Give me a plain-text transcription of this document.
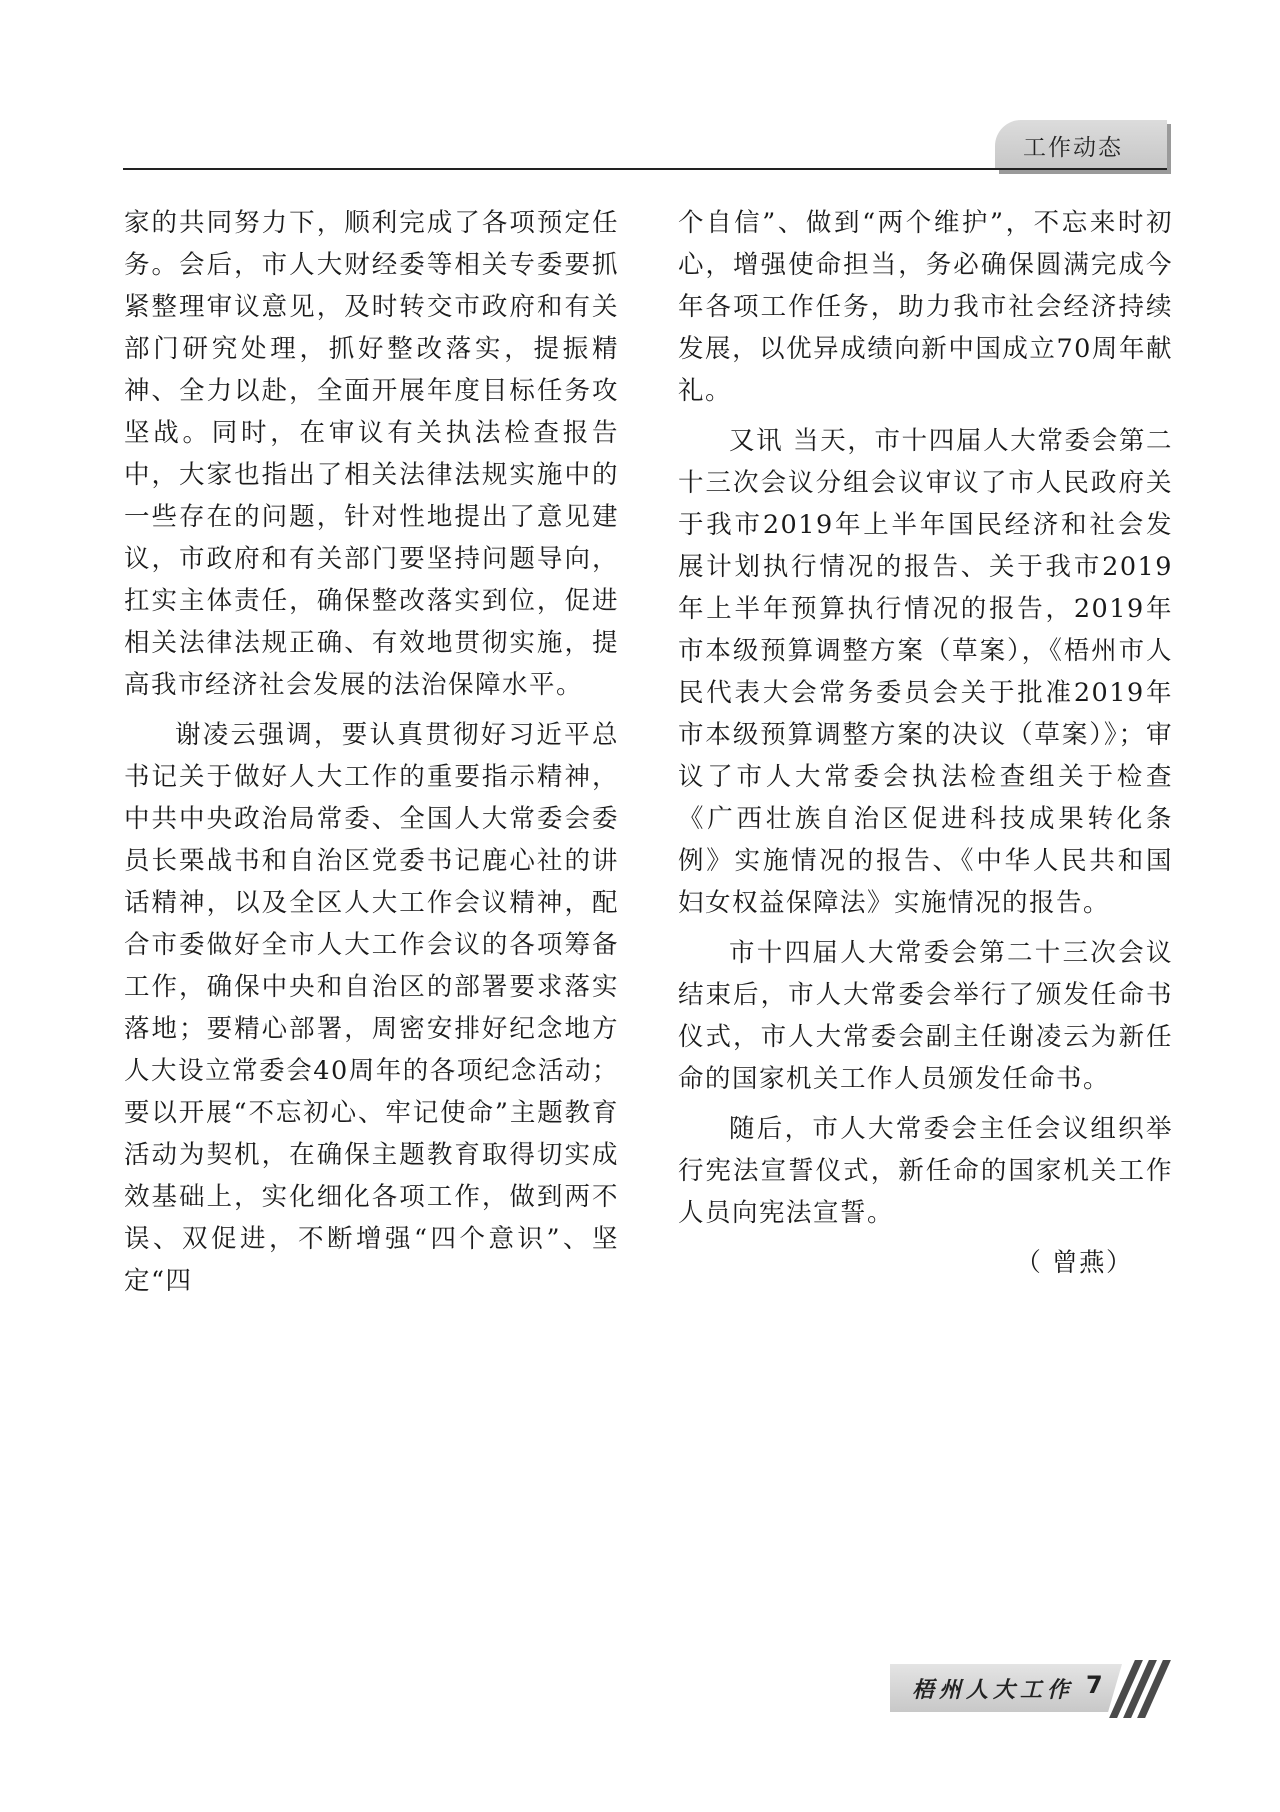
工作动态

家的共同努力下，顺利完成了各项预定任务。会后，市人大财经委等相关专委要抓紧整理审议意见，及时转交市政府和有关部门研究处理，抓好整改落实，提振精神、全力以赴，全面开展年度目标任务攻坚战。同时，在审议有关执法检查报告中，大家也指出了相关法律法规实施中的一些存在的问题，针对性地提出了意见建议，市政府和有关部门要坚持问题导向，扛实主体责任，确保整改落实到位，促进相关法律法规正确、有效地贯彻实施，提高我市经济社会发展的法治保障水平。

谢凌云强调，要认真贯彻好习近平总书记关于做好人大工作的重要指示精神，中共中央政治局常委、全国人大常委会委员长栗战书和自治区党委书记鹿心社的讲话精神，以及全区人大工作会议精神，配合市委做好全市人大工作会议的各项筹备工作，确保中央和自治区的部署要求落实落地；要精心部署，周密安排好纪念地方人大设立常委会40周年的各项纪念活动；要以开展“不忘初心、牢记使命”主题教育活动为契机，在确保主题教育取得切实成效基础上，实化细化各项工作，做到两不误、双促进，不断增强“四个意识”、坚定“四

个自信”、做到“两个维护”，不忘来时初心，增强使命担当，务必确保圆满完成今年各项工作任务，助力我市社会经济持续发展，以优异成绩向新中国成立70周年献礼。

又讯 当天，市十四届人大常委会第二十三次会议分组会议审议了市人民政府关于我市2019年上半年国民经济和社会发展计划执行情况的报告、关于我市2019年上半年预算执行情况的报告，2019年市本级预算调整方案（草案），《梧州市人民代表大会常务委员会关于批准2019年市本级预算调整方案的决议（草案）》；审议了市人大常委会执法检查组关于检查《广西壮族自治区促进科技成果转化条例》实施情况的报告、《中华人民共和国妇女权益保障法》实施情况的报告。

市十四届人大常委会第二十三次会议结束后，市人大常委会举行了颁发任命书仪式，市人大常委会副主任谢凌云为新任命的国家机关工作人员颁发任命书。

随后，市人大常委会主任会议组织举行宪法宣誓仪式，新任命的国家机关工作人员向宪法宣誓。

（ 曾燕）

梧州人大工作 7
